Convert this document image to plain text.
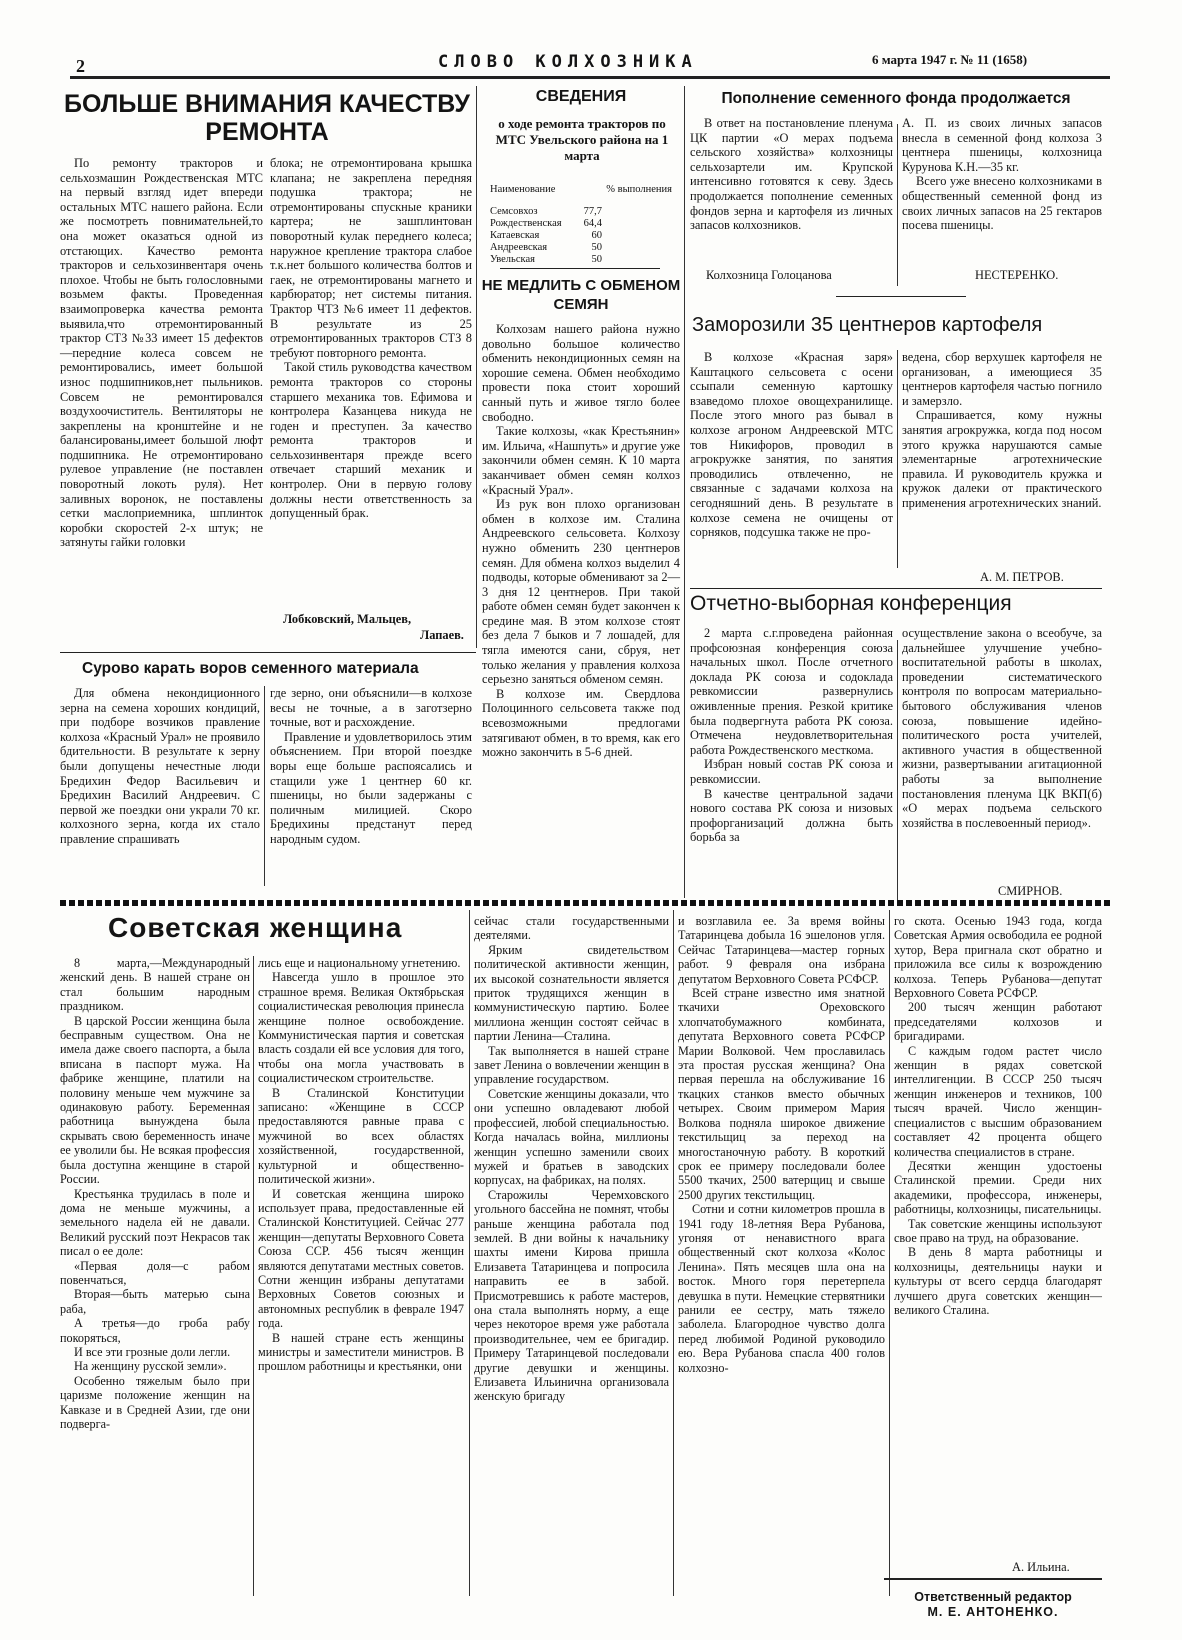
2	СЛОВО КОЛХОЗНИКА	6 марта 1947 г. № 11 (1658)
БОЛЬШЕ ВНИМАНИЯ КАЧЕСТВУ
РЕМОНТА

По ремонту тракторов и сельхозмашин Рождественская МТС на первый взгляд идет впереди остальных МТС нашего района. Если же посмотреть повнимательней,то она может оказаться одной из отстающих. Качество ремонта тракторов и сельхозинвентаря очень плохое. Чтобы не быть голословными возьмем факты. Проведенная взаимопроверка качества ремонта выявила,что отремонтированный трактор СТЗ №33 имеет 15 дефектов—передние колеса совсем не ремонтировались, имеет большой износ подшипников,нет пыльников. Совсем не ремонтировался воздухоочиститель. Вентиляторы не закреплены на кронштейне и не балансированы,имеет большой люфт подшипника. Не отремонтировано рулевое управление (не поставлен поворотный локоть руля). Нет заливных воронок, не поставлены сетки маслоприемника, шплинток коробки скоростей 2-х штук; не затянуты гайки головки

блока; не отремонтирована крышка клапана; не закреплена передняя подушка трактора; не отремонтированы спускные краники картера; не зашплинтован поворотный кулак переднего колеса; наружное крепление трактора слабое т.к.нет большого количества болтов и гаек, не отремонтированы магнето и карбюратор; нет системы питания. Трактор ЧТЗ №6 имеет 11 дефектов. В результате из 25 отремонтированных тракторов СТЗ 8 требуют повторного ремонта.

Такой стиль руководства качеством ремонта тракторов со стороны старшего механика тов. Ефимова и контролера Казанцева никуда не годен и преступен. За качество ремонта тракторов и сельхозинвентаря прежде всего отвечает старший механик и контролер. Они в первую голову должны нести ответственность за допущенный брак.

Лобковский, Мальцев,
Лапаев.
СВЕДЕНИЯ
о ходе ремонта тракторов по МТС Увельского района на 1 марта
Наименование	% выполнения

Семсовхоз	77,7
Рождественская	64,4
Катаевская	60
Андреевская	50
Увельская	50
НЕ МЕДЛИТЬ С ОБМЕНОМ СЕМЯН

Колхозам нашего района нужно довольно большое количество обменить некондиционных семян на хорошие семена. Обмен необходимо провести пока стоит хороший санный путь и живое тягло более свободно.

Такие колхозы, «как Крестьянин» им. Ильича, «Нашпуть» и другие уже закончили обмен семян. К 10 марта заканчивает обмен семян колхоз «Красный Урал».

Из рук вон плохо организован обмен в колхозе им. Сталина Андреевского сельсовета. Колхозу нужно обменить 230 центнеров семян. Для обмена колхоз выделил 4 подводы, которые обменивают за 2—3 дня 12 центнеров. При такой работе обмен семян будет закончен к средине мая. В этом колхозе стоят без дела 7 быков и 7 лошадей, для тягла имеются сани, сбруя, нет только желания у правления колхоза серьезно заняться обменом семян.

В колхозе им. Свердлова Полоцинного сельсовета также под всевозможными предлогами затягивают обмен, в то время, как его можно закончить в 5-6 дней.

Пополнение семенного фонда продолжается

В ответ на постановление пленума ЦК партии «О мерах подъема сельского хозяйства» колхозницы сельхозартели им. Крупской интенсивно готовятся к севу. Здесь продолжается пополнение семенных фондов зерна и картофеля из личных запасов колхозников.

Колхозница Голоцанова

А. П. из своих личных запасов внесла в семенной фонд колхоза 3 центнера пшеницы, колхозница Курунова К.Н.—35 кг.

Всего уже внесено колхозниками в общественный семенной фонд из своих личных запасов на 25 гектаров посева пшеницы.

НЕСТЕРЕНКО.
Заморозили 35 центнеров картофеля

В колхозе «Красная заря» Каштацкого сельсовета с осени ссыпали семенную картошку взаведомо плохое овощехранилище. После этого много раз бывал в колхозе агроном Андреевской МТС тов Никифоров, проводил в агрокружке занятия, по занятия проводились отвлеченно, не связанные с задачами колхоза на сегодняшний день. В результате в колхозе семена не очищены от сорняков, подсушка также не про-

ведена, сбор верхушек картофеля не организован, а имеющиеся 35 центнеров картофеля частью погнило и замерзло.

Спрашивается, кому нужны занятия агрокружка, когда под носом этого кружка нарушаются самые элементарные агротехнические правила. И руководитель кружка и кружок далеки от практического применения агротехнических знаний.

А. М. ПЕТРОВ.
Отчетно-выборная конференция

2 марта с.г.проведена районная профсоюзная конференция союза начальных школ. После отчетного доклада РК союза и содоклада ревкомиссии развернулись оживленные прения. Резкой критике была подвергнута работа РК союза. Отмечена неудовлетворительная работа Рождественского месткома.

Избран новый состав РК союза и ревкомиссии.

В качестве центральной задачи нового состава РК союза и низовых профорганизаций должна быть борьба за

осуществление закона о всеобуче, за дальнейшее улучшение учебно-воспитательной работы в школах, проведении систематического контроля по вопросам материально-бытового обслуживания членов союза, повышение идейно-политического роста учителей, активного участия в общественной жизни, развертывании агитационной работы за выполнение постановления пленума ЦК ВКП(б) «О мерах подъема сельского хозяйства в послевоенный период».

СМИРНОВ.
Сурово карать воров семенного материала

Для обмена некондиционного зерна на семена хороших кондиций, при подборе возчиков правление колхоза «Красный Урал» не проявило бдительности. В результате к зерну были допущены нечестные люди Бредихин Федор Васильевич и Бредихин Василий Андреевич. С первой же поездки они украли 70 кг. колхозного зерна, когда их стало правление спрашивать

где зерно, они объяснили—в колхозе весы не точные, а в заготзерно точные, вот и расхождение.

Правление и удовлетворилось этим объяснением. При второй поездке воры еще больше распоясались и стащили уже 1 центнер 60 кг. пшеницы, но были задержаны с поличным милицией. Скоро Бредихины предстанут перед народным судом.

Советская женщина

8 марта,—Международный женский день. В нашей стране он стал большим народным праздником.

В царской России женщина была бесправным существом. Она не имела даже своего паспорта, а была вписана в паспорт мужа. На фабрике женщине, платили на половину меньше чем мужчине за одинаковую работу. Беременная работница вынуждена была скрывать свою беременность иначе ее уволили бы. Не всякая профессия была доступна женщине в старой России.

Крестьянка трудилась в поле и дома не меньше мужчины, а земельного надела ей не давали. Великий русский поэт Некрасов так писал о ее доле:

«Первая доля—с рабом повенчаться,

Вторая—быть матерью сына раба,

А третья—до гроба рабу покоряться,

И все эти грозные доли легли.

На женщину русской земли».

Особенно тяжелым было при царизме положение женщин на Кавказе и в Средней Азии, где они подверга-

лись еще и национальному угнетению.

Навсегда ушло в прошлое это страшное время. Великая Октябрьская социалистическая революция принесла женщине полное освобождение. Коммунистическая партия и советская власть создали ей все условия для того, чтобы она могла участвовать в социалистическом строительстве.

В Сталинской Конституции записано: «Женщине в СССР предоставляются равные права с мужчиной во всех областях хозяйственной, государственной, культурной и общественно-политической жизни».

И советская женщина широко использует права, предоставленные ей Сталинской Конституцией. Сейчас 277 женщин—депутаты Верховного Совета Союза ССР. 456 тысяч женщин являются депутатами местных советов. Сотни женщин избраны депутатами Верховных Советов союзных и автономных республик в феврале 1947 года.

В нашей стране есть женщины министры и заместители министров. В прошлом работницы и крестьянки, они

сейчас стали государственными деятелями.

Ярким свидетельством политической активности женщин, их высокой сознательности является приток трудящихся женщин в коммунистическую партию. Более миллиона женщин состоят сейчас в партии Ленина—Сталина.

Так выполняется в нашей стране завет Ленина о вовлечении женщин в управление государством.

Советские женщины доказали, что они успешно овладевают любой профессией, любой специальностью. Когда началась война, миллионы женщин успешно заменили своих мужей и братьев в заводских корпусах, на фабриках, на полях.

Старожилы Черемховского угольного бассейна не помнят, чтобы раньше женщина работала под землей. В дни войны к начальнику шахты имени Кирова пришла Елизавета Татаринцева и попросила направить ее в забой. Присмотревшись к работе мастеров, она стала выполнять норму, а еще через некоторое время уже работала производительнее, чем ее бригадир. Примеру Татаринцевой последовали другие девушки и женщины. Елизавета Ильинична организовала женскую бригаду

и возглавила ее. За время войны Татаринцева добыла 16 эшелонов угля. Сейчас Татаринцева—мастер горных работ. 9 февраля она избрана депутатом Верховного Совета РСФСР.

Всей стране известно имя знатной ткачихи Ореховского хлопчатобумажного комбината, депутата Верховного совета РСФСР Марии Волковой. Чем прославилась эта простая русская женщина? Она первая перешла на обслуживание 16 ткацких станков вместо обычных четырех. Своим примером Мария Волкова подняла широкое движение текстильщиц за переход на многостаночную работу. В короткий срок ее примеру последовали более 5500 ткачих, 2500 ватерщиц и свыше 2500 других текстильщиц.

Сотни и сотни километров прошла в 1941 году 18-летняя Вера Рубанова, угоняя от ненавистного врага общественный скот колхоза «Колос Ленина». Пять месяцев шла она на восток. Много горя перетерпела девушка в пути. Немецкие стервятники ранили ее сестру, мать тяжело заболела. Благородное чувство долга перед любимой Родиной руководило ею. Вера Рубанова спасла 400 голов колхозно-

го скота. Осенью 1943 года, когда Советская Армия освободила ее родной хутор, Вера пригнала скот обратно и приложила все силы к возрождению колхоза. Теперь Рубанова—депутат Верховного Совета РСФСР.

200 тысяч женщин работают председателями колхозов и бригадирами.

С каждым годом растет число женщин в рядах советской интеллигенции. В СССР 250 тысяч женщин инженеров и техников, 100 тысяч врачей. Число женщин-специалистов с высшим образованием составляет 42 процента общего количества специалистов в стране.

Десятки женщин удостоены Сталинской премии. Среди них академики, профессора, инженеры, работницы, колхозницы, писательницы.

Так советские женщины используют свое право на труд, на образование.

В день 8 марта работницы и колхозницы, деятельницы науки и культуры от всего сердца благодарят лучшего друга советских женщин—великого Сталина.

А. Ильина.
Ответственный редактор
М. Е. АНТОНЕНКО.
